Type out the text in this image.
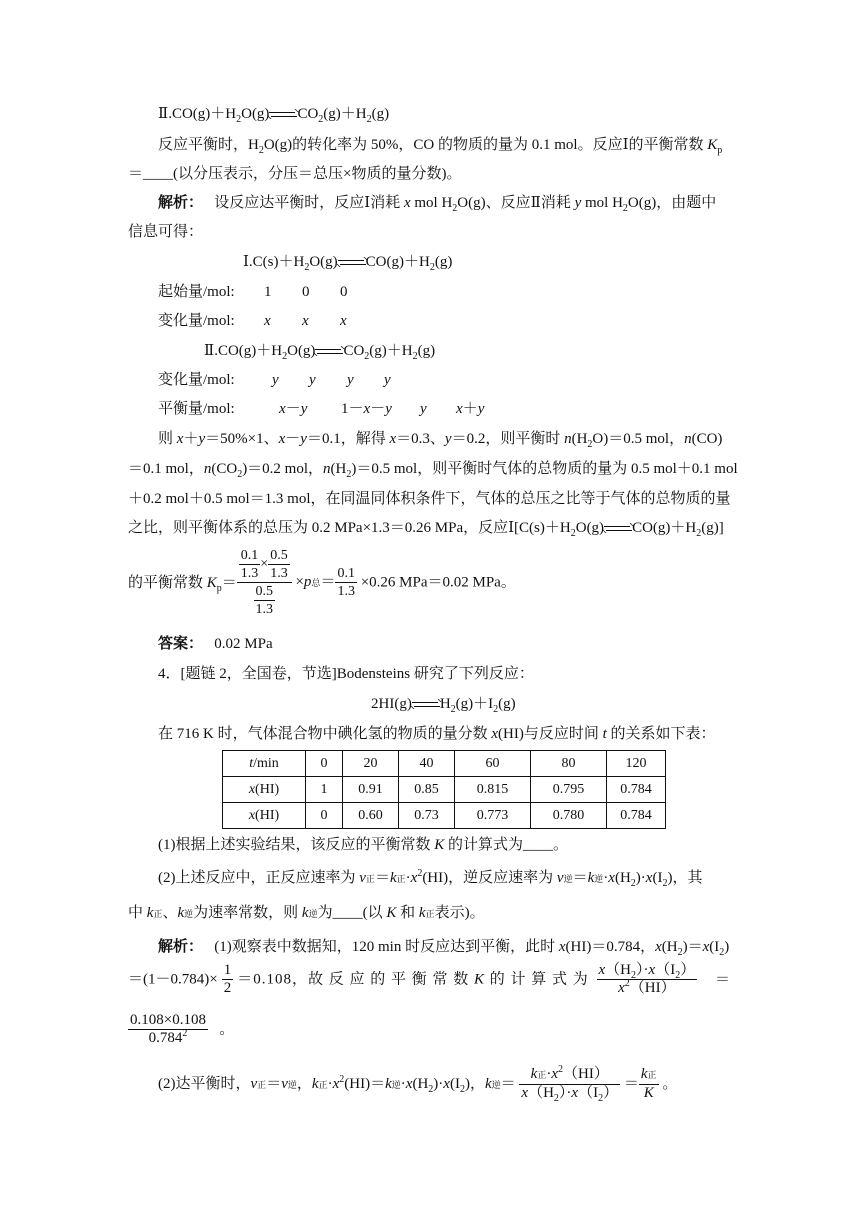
$Ⅱ.CO(g)+H_2O(g)$ $CO_2(g)+H_2(g)$
反应平衡时，$H_2O(g)$的转化率为 50%，CO 的物质的量为 0.1 mol。反应Ⅰ的平衡常数 $K_p$
＝____(以分压表示，分压＝总压×物质的量分数)。
解析：   设反应达平衡时，反应Ⅰ消耗 x mol $H_2O(g)$、反应Ⅱ消耗 y mol $H_2O(g)$，由题中
信息可得：
$Ⅰ.C(s)+H_2O(g)$ $CO(g)+H_2(g)$
起始量/mol: 1 0 0
变化量/mol: x x x
$Ⅱ.CO(g)+H_2O(g)$ $CO_2(g)+H_2(g)$
变化量/mol: y y y y
平衡量/mol:	x－y 1－x－y y x＋y
则 x＋y＝50%×1、x－y＝0.1，解得 x＝0.3、y＝0.2，则平衡时 $n(H_2O)=0.5$ mol，n(CO)
＝0.1 mol，$n(CO_2)=0.2$ mol，$n(H_2)=0.5$ mol，则平衡时气体的总物质的量为 0.5 mol＋0.1 mol
＋0.2 mol＋0.5 mol＝1.3 mol，在同温同体积条件下，气体的总压之比等于气体的总物质的量
之比，则平衡体系的总压为 0.2 MPa×1.3＝0.26 MPa，反应$Ⅰ[C(s)+H_2O(g)$ $CO(g)+H_2(g)$]
的平衡常数 $K_p= \frac{\frac{0.1}{1.3} \times \frac{0.5}{1.3}}{\frac{0.5}{1.3}} \times p$总＝ $\frac{0.1}{1.3} \times 0.26$ MPa＝0.02 MPa。
答案： 0.02 MPa
4．[题链 2，全国卷，节选]Bodensteins 研究了下列反应：
2HI(g) $H_2(g)+I_2(g)$
在 716 K 时，气体混合物中碘化氢的物质的量分数 x(HI)与反应时间 t 的关系如下表：
t/min	0	20	40	60	80	120
x(HI)	1	0.91	0.85	0.815	0.795	0.784
x(HI)	0	0.60	0.73	0.773	0.780	0.784
(1)根据上述实验结果，该反应的平衡常数 K 的计算式为____。
(2)上述反应中，正反应速率为 v正＝k正$\cdot x^2(HI)$，逆反应速率为 v逆＝k逆$\cdot x(H_2)\cdot x(I_2)$，其
中 k正、k逆为速率常数，则 k逆为____(以 K 和 k正表示)。
解析：   (1)观察表中数据知，120 min 时反应达到平衡，此时 x(HI)＝0.784，$x(H_2)=x(I_2)$
$=(1-0.784)\times \frac{1}{2} =0.108$，故 反 应 的 平 衡 常 数 K 的 计 算 式 为 $\frac{x(H_2)\cdot x(I_2)}{x^2(HI)}$ ＝
$\frac{0.108\times 0.108}{0.784^2}$ 。
(2)达平衡时，v正＝v逆，k正$\cdot x^2(HI)=k$逆$\cdot x(H_2)\cdot x(I_2)$，k逆＝ $\frac{k正\cdot x^2(HI)}{x(H_2)\cdot x(I_2)} = \frac{\text{k正}}{K}$ 。
